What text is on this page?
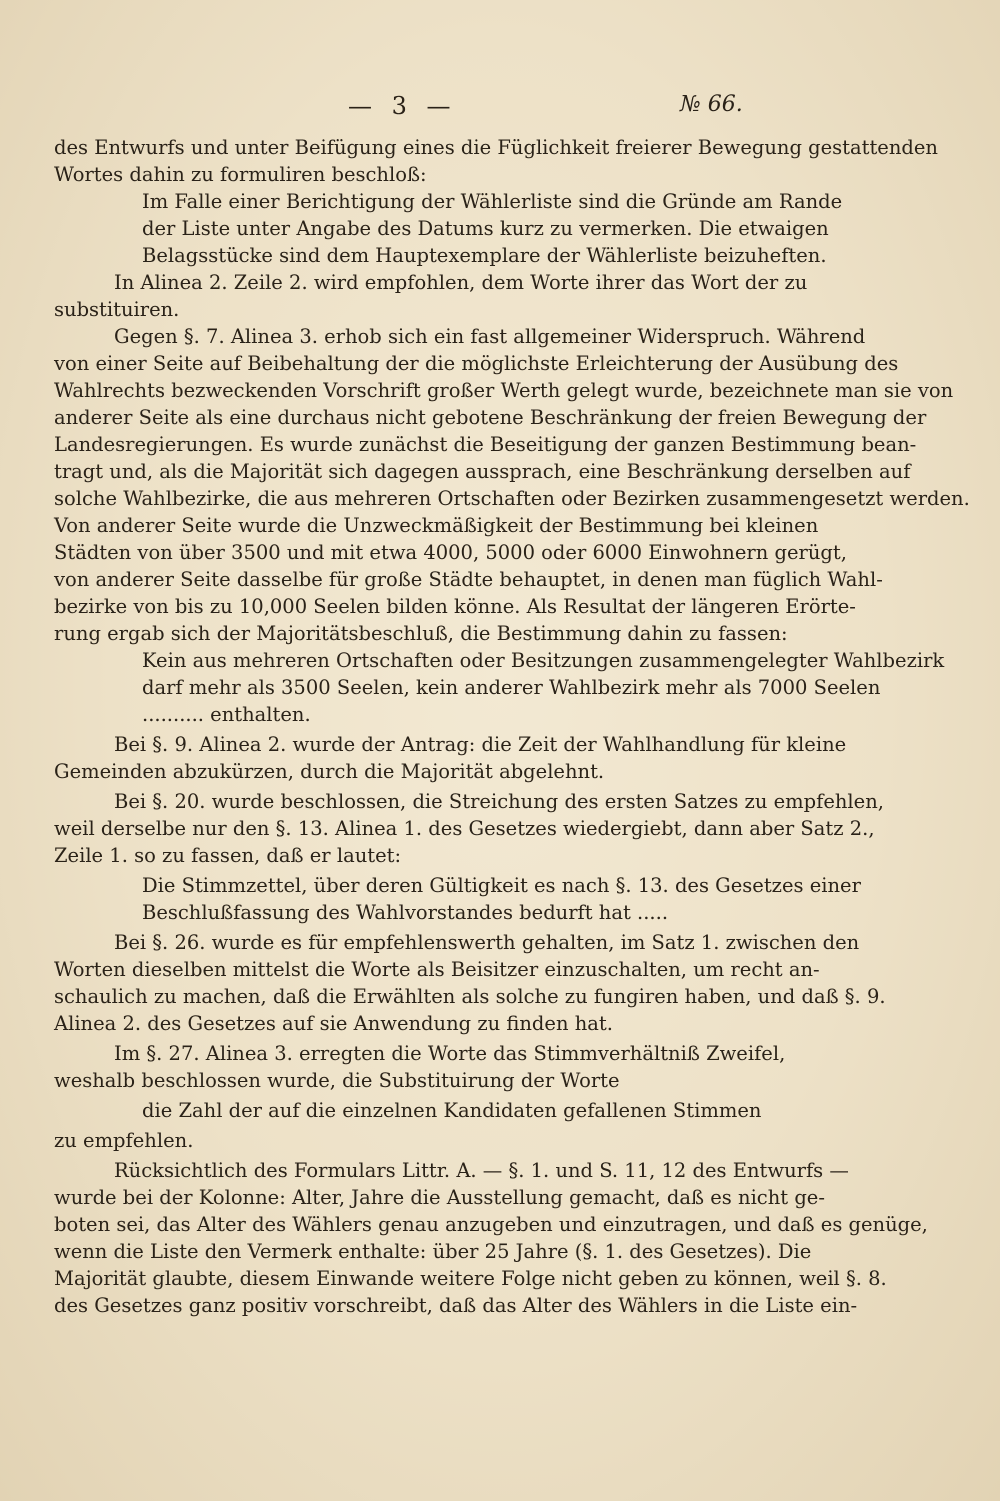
— 3 —	№ 66.
des Entwurfs und unter Beifügung eines die Füglichkeit freierer Bewegung gestattenden
Wortes dahin zu formuliren beschloß:
Im Falle einer Berichtigung der Wählerliste sind die Gründe am Rande
der Liste unter Angabe des Datums kurz zu vermerken. Die etwaigen
Belagsstücke sind dem Hauptexemplare der Wählerliste beizuheften.
In Alinea 2. Zeile 2. wird empfohlen, dem Worte ihrer das Wort der zu
substituiren.
Gegen §. 7. Alinea 3. erhob sich ein fast allgemeiner Widerspruch. Während
von einer Seite auf Beibehaltung der die möglichste Erleichterung der Ausübung des
Wahlrechts bezweckenden Vorschrift großer Werth gelegt wurde, bezeichnete man sie von
anderer Seite als eine durchaus nicht gebotene Beschränkung der freien Bewegung der
Landesregierungen. Es wurde zunächst die Beseitigung der ganzen Bestimmung bean-
tragt und, als die Majorität sich dagegen aussprach, eine Beschränkung derselben auf
solche Wahlbezirke, die aus mehreren Ortschaften oder Bezirken zusammengesetzt werden.
Von anderer Seite wurde die Unzweckmäßigkeit der Bestimmung bei kleinen
Städten von über 3500 und mit etwa 4000, 5000 oder 6000 Einwohnern gerügt,
von anderer Seite dasselbe für große Städte behauptet, in denen man füglich Wahl-
bezirke von bis zu 10,000 Seelen bilden könne. Als Resultat der längeren Erörte-
rung ergab sich der Majoritätsbeschluß, die Bestimmung dahin zu fassen:
Kein aus mehreren Ortschaften oder Besitzungen zusammengelegter Wahlbezirk
darf mehr als 3500 Seelen, kein anderer Wahlbezirk mehr als 7000 Seelen
.......... enthalten.
Bei §. 9. Alinea 2. wurde der Antrag: die Zeit der Wahlhandlung für kleine
Gemeinden abzukürzen, durch die Majorität abgelehnt.
Bei §. 20. wurde beschlossen, die Streichung des ersten Satzes zu empfehlen,
weil derselbe nur den §. 13. Alinea 1. des Gesetzes wiedergiebt, dann aber Satz 2.,
Zeile 1. so zu fassen, daß er lautet:
Die Stimmzettel, über deren Gültigkeit es nach §. 13. des Gesetzes einer
Beschlußfassung des Wahlvorstandes bedurft hat .....
Bei §. 26. wurde es für empfehlenswerth gehalten, im Satz 1. zwischen den
Worten dieselben mittelst die Worte als Beisitzer einzuschalten, um recht an-
schaulich zu machen, daß die Erwählten als solche zu fungiren haben, und daß §. 9.
Alinea 2. des Gesetzes auf sie Anwendung zu finden hat.
Im §. 27. Alinea 3. erregten die Worte das Stimmverhältniß Zweifel,
weshalb beschlossen wurde, die Substituirung der Worte
die Zahl der auf die einzelnen Kandidaten gefallenen Stimmen
zu empfehlen.
Rücksichtlich des Formulars Littr. A. — §. 1. und S. 11, 12 des Entwurfs —
wurde bei der Kolonne: Alter, Jahre die Ausstellung gemacht, daß es nicht ge-
boten sei, das Alter des Wählers genau anzugeben und einzutragen, und daß es genüge,
wenn die Liste den Vermerk enthalte: über 25 Jahre (§. 1. des Gesetzes). Die
Majorität glaubte, diesem Einwande weitere Folge nicht geben zu können, weil §. 8.
des Gesetzes ganz positiv vorschreibt, daß das Alter des Wählers in die Liste ein-
